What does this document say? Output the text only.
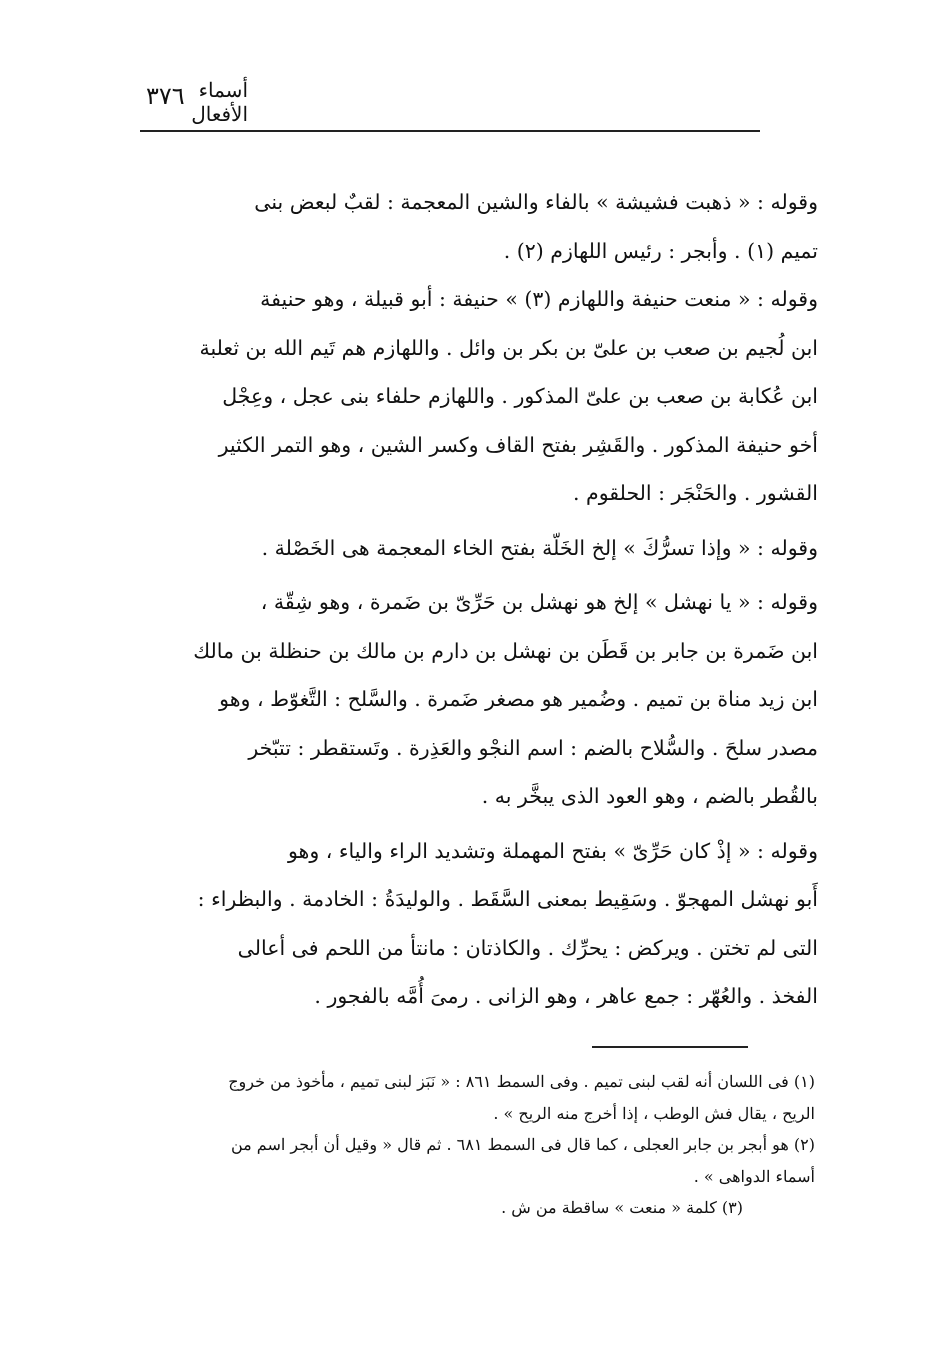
أسماء الأفعال
٣٧٦
وقوله : « ذهبت فشيشة » بالفاء والشين المعجمة : لقبٌ لبعض بنى
تميم (١) . وأبجر : رئيس اللهازم (٢) .
وقوله : « منعت حنيفة واللهازم (٣) » حنيفة : أبو قبيلة ، وهو حنيفة
ابن لُجيم بن صعب بن علىّ بن بكر بن وائل . واللهازم هم تَيم الله بن ثعلبة
ابن عُكابة بن صعب بن علىّ المذكور . واللهازم حلفاء بنى عجل ، وعِجْل
أخو حنيفة المذكور . والقَشِر بفتح القاف وكسر الشين ، وهو التمر الكثير
القشور . والحَنْجَر : الحلقوم .
وقوله : « وإذا تسرُّكَ » إلخ الخَلّة بفتح الخاء المعجمة هى الخَصْلة .
وقوله : « يا نهشل » إلخ هو نهشل بن حَرِّىّ بن ضَمرة ، وهو شِقّة ،
ابن ضَمرة بن جابر بن قَطَن بن نهشل بن دارم بن مالك بن حنظلة بن مالك
ابن زيد مناة بن تميم . وضُمير هو مصغر ضَمرة . والسَّلح : التَّغوّط ، وهو
مصدر سلحَ . والسُّلاح بالضم : اسم النجْو والعَذِرة . وتَستقطر : تتبّخر
بالقُطر بالضم ، وهو العود الذى يبخَّر به .
وقوله : « إذْ كان حَرِّىّ » بفتح المهملة وتشديد الراء والياء ، وهو
أَبو نهشل المهجوّ . وسَقِيط بمعنى السَّقَط . والوليدَةُ : الخادمة . والبظراء :
التى لم تختن . ويركض : يحرِّك . والكاذتان : مانتأ من اللحم فى أعالى
الفخذ . والعُهّر : جمع عاهر ، وهو الزانى . رمىَ أُمَّه بالفجور .
(١) فى اللسان أنه لقب لبنى تميم . وفى السمط ٨٦١ : « نَبَز لبنى تميم ، مأخوذ من خروج
الريح ، يقال فش الوطب ، إذا أخرج منه الريح » .
(٢) هو أبجر بن جابر العجلى ، كما قال فى السمط ٦٨١ . ثم قال « وقيل أن أبجر اسم من
أسماء الدواهى » .
(٣) كلمة « منعت » ساقطة من ش .
